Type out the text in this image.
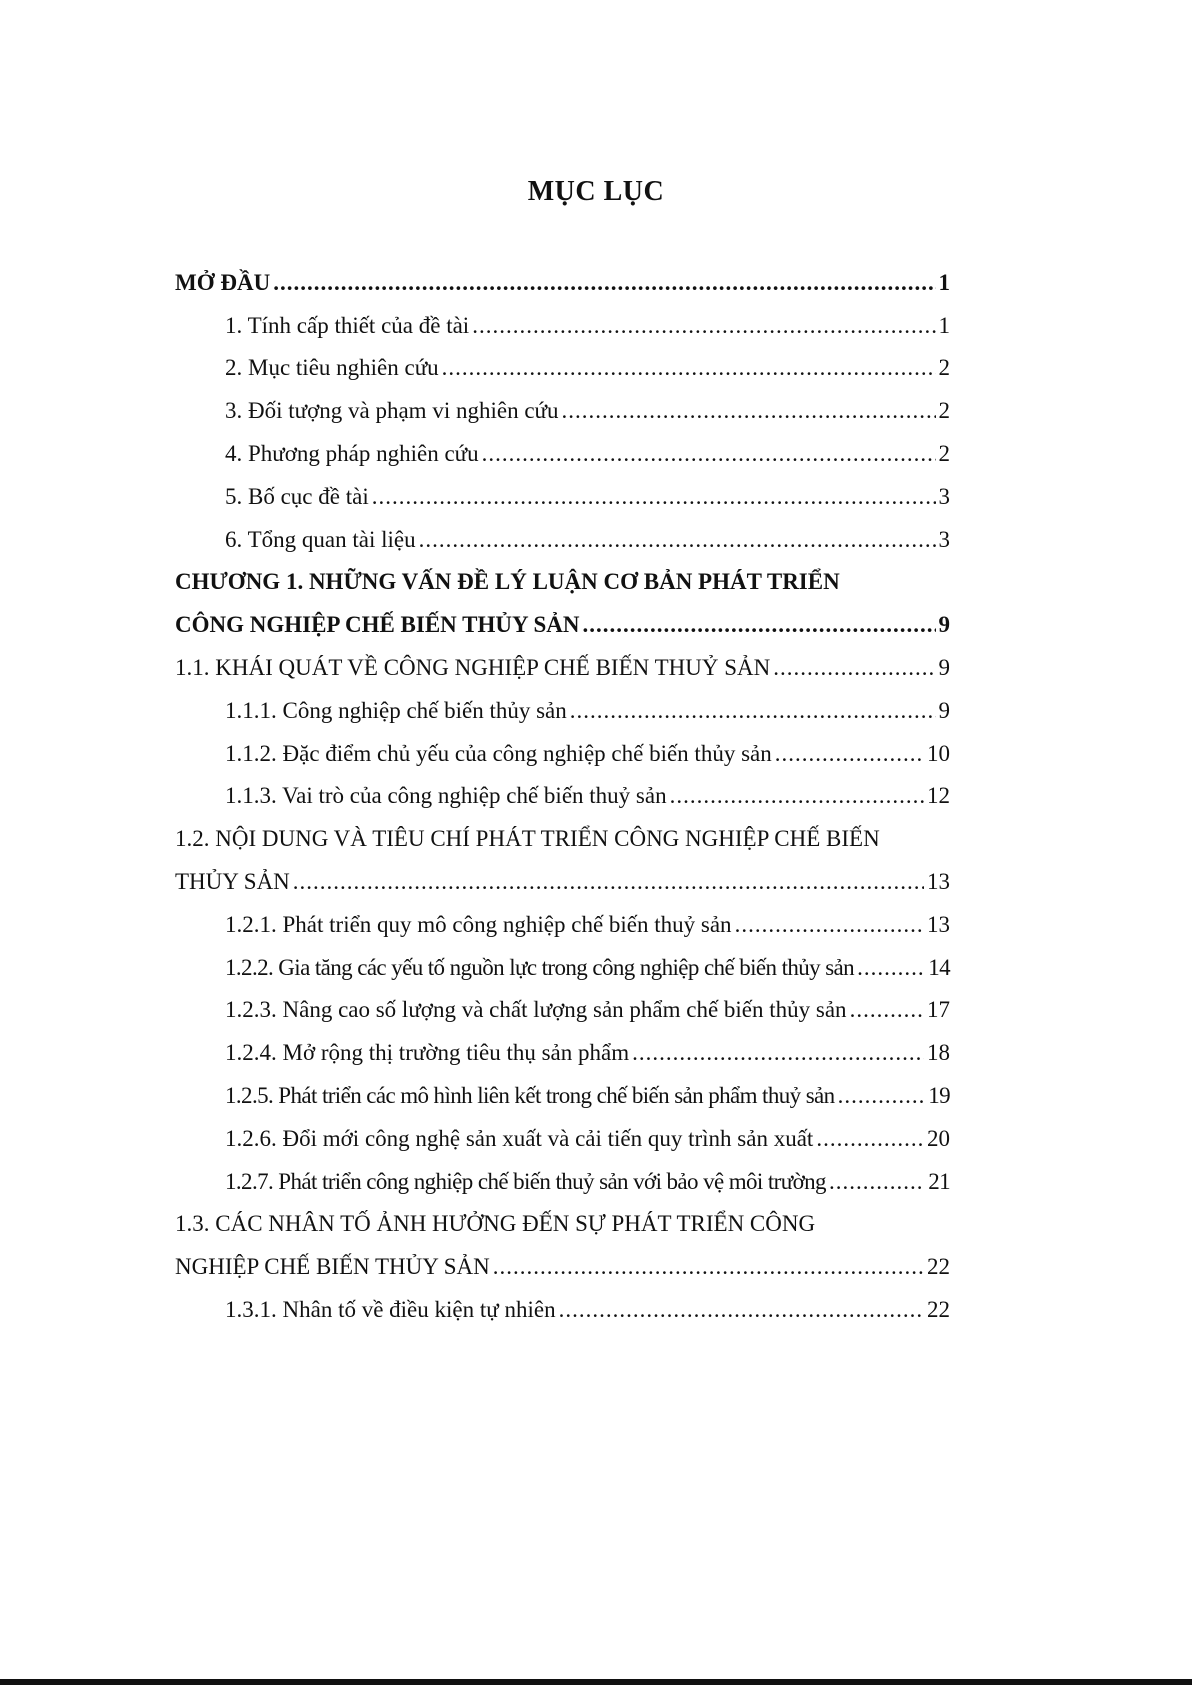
MỤC LỤC
MỞ ĐẦU .....	1
1. Tính cấp thiết của đề tài .....	1
2. Mục tiêu nghiên cứu .....	2
3. Đối tượng và phạm vi nghiên cứu .....	2
4. Phương pháp nghiên cứu .....	2
5. Bố cục đề tài .....	3
6. Tổng quan tài liệu .....	3
CHƯƠNG 1. NHỮNG VẤN ĐỀ LÝ LUẬN CƠ BẢN PHÁT TRIỂN
CÔNG NGHIỆP CHẾ BIẾN THỦY SẢN .....	9
1.1. KHÁI QUÁT VỀ CÔNG NGHIỆP CHẾ BIẾN THUỶ SẢN .....	9
1.1.1. Công nghiệp chế biến thủy sản .....	9
1.1.2. Đặc điểm chủ yếu của công nghiệp chế biến thủy sản .....	10
1.1.3. Vai trò của công nghiệp chế biến thuỷ sản .....	12
1.2. NỘI DUNG VÀ TIÊU CHÍ PHÁT TRIỂN CÔNG NGHIỆP CHẾ BIẾN
THỦY SẢN .....	13
1.2.1. Phát triển quy mô công nghiệp chế biến thuỷ sản .....	13
1.2.2. Gia tăng các yếu tố nguồn lực trong công nghiệp chế biến thủy sản .....	14
1.2.3. Nâng cao số lượng và chất lượng sản phẩm chế biến thủy sản .....	17
1.2.4. Mở rộng thị trường tiêu thụ sản phẩm .....	18
1.2.5. Phát triển các mô hình liên kết trong chế biến sản phẩm thuỷ sản .....	19
1.2.6. Đổi mới công nghệ sản xuất và cải tiến quy trình sản xuất .....	20
1.2.7. Phát triển công nghiệp chế biến thuỷ sản với bảo vệ môi trường .....	21
1.3. CÁC NHÂN TỐ ẢNH HƯỞNG ĐẾN SỰ PHÁT TRIỂN CÔNG
NGHIỆP CHẾ BIẾN THỦY SẢN .....	22
1.3.1. Nhân tố về điều kiện tự nhiên .....	22
